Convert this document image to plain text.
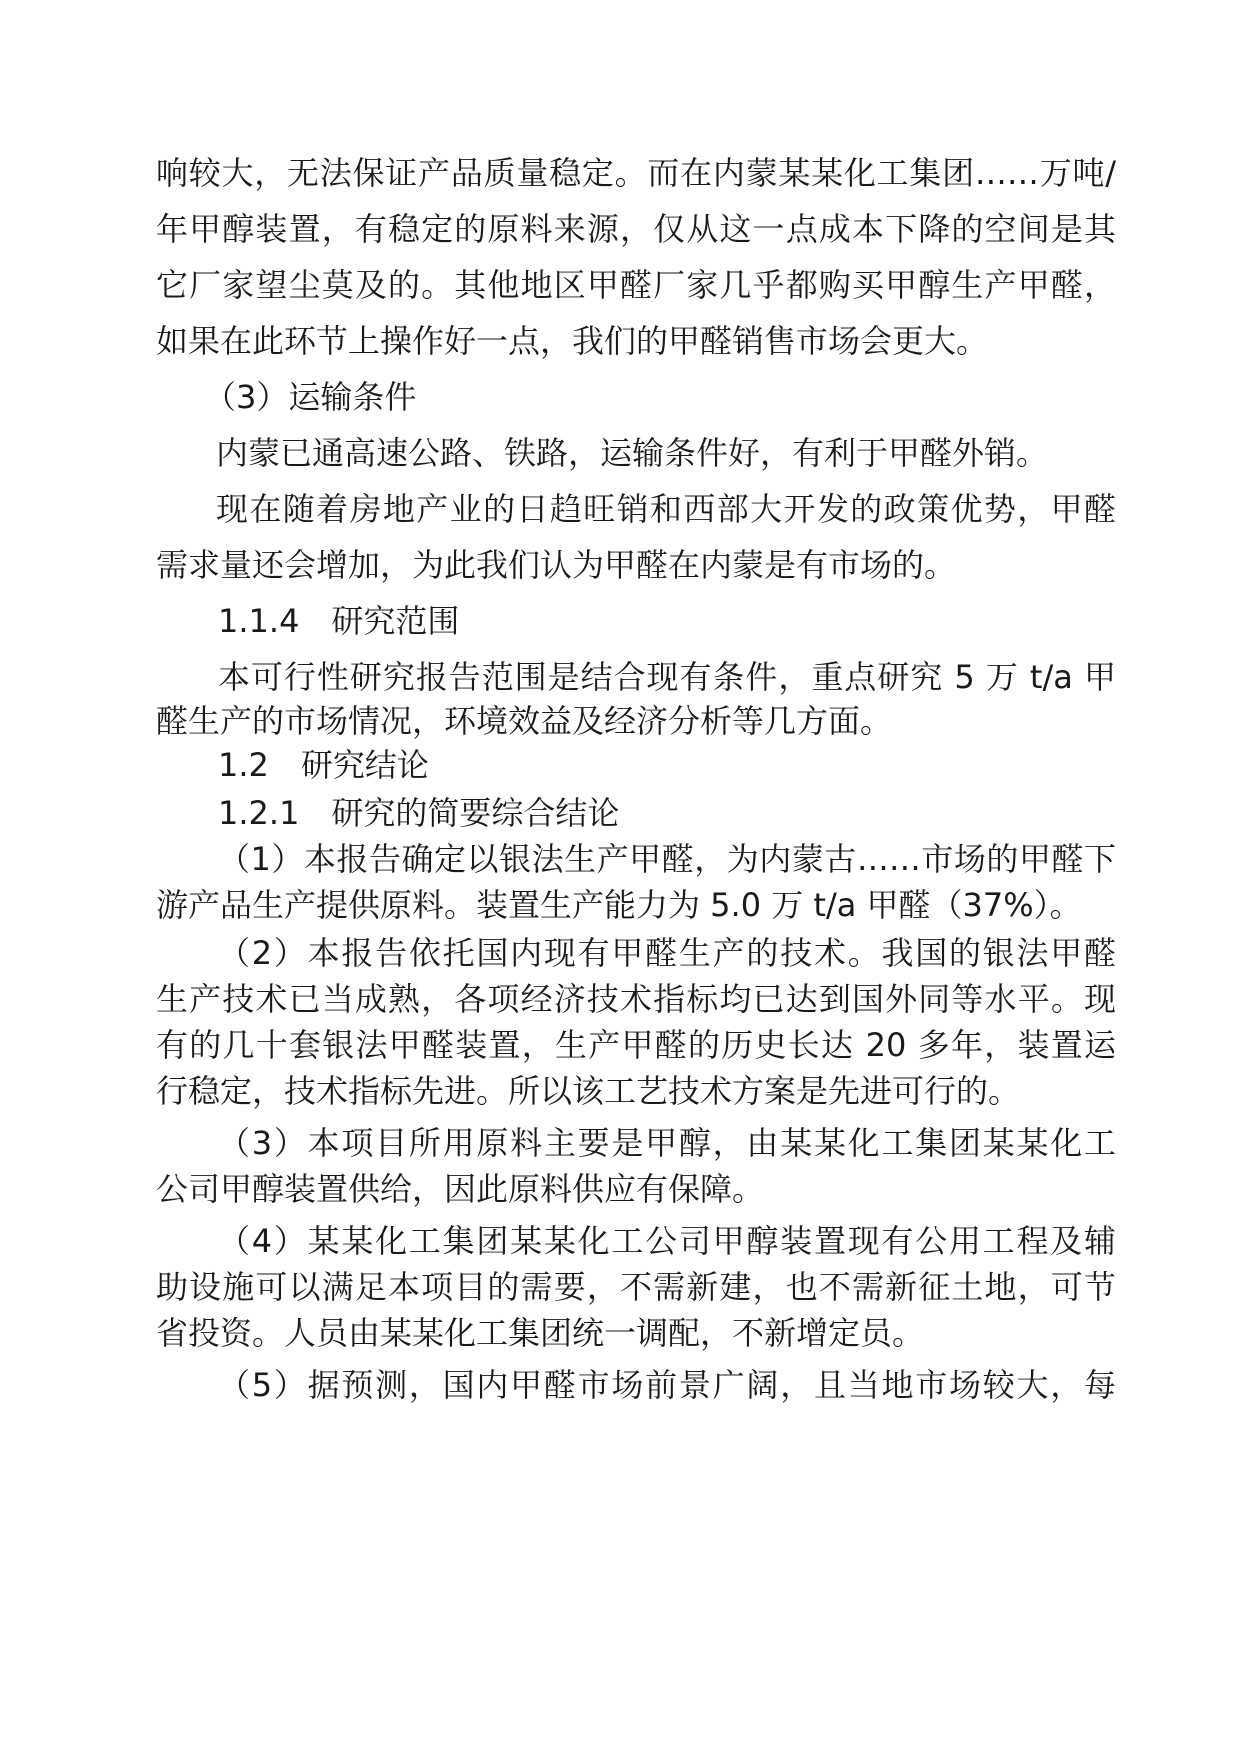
响较大，无法保证产品质量稳定。而在内蒙某某化工集团……万吨/
年甲醇装置，有稳定的原料来源，仅从这一点成本下降的空间是其
它厂家望尘莫及的。其他地区甲醛厂家几乎都购买甲醇生产甲醛，
如果在此环节上操作好一点，我们的甲醛销售市场会更大。
（3）运输条件
内蒙已通高速公路、铁路，运输条件好，有利于甲醛外销。
现在随着房地产业的日趋旺销和西部大开发的政策优势，甲醛
需求量还会增加，为此我们认为甲醛在内蒙是有市场的。
1.1.4　研究范围
本可行性研究报告范围是结合现有条件，重点研究 5 万 t/a 甲
醛生产的市场情况，环境效益及经济分析等几方面。
1.2　研究结论
1.2.1　研究的简要综合结论
（1）本报告确定以银法生产甲醛，为内蒙古……市场的甲醛下
游产品生产提供原料。装置生产能力为 5.0 万 t/a 甲醛（37%）。
（2）本报告依托国内现有甲醛生产的技术。我国的银法甲醛
生产技术已当成熟，各项经济技术指标均已达到国外同等水平。现
有的几十套银法甲醛装置，生产甲醛的历史长达 20 多年，装置运
行稳定，技术指标先进。所以该工艺技术方案是先进可行的。
（3）本项目所用原料主要是甲醇，由某某化工集团某某化工
公司甲醇装置供给，因此原料供应有保障。
（4）某某化工集团某某化工公司甲醇装置现有公用工程及辅
助设施可以满足本项目的需要，不需新建，也不需新征土地，可节
省投资。人员由某某化工集团统一调配，不新增定员。
（5）据预测，国内甲醛市场前景广阔，且当地市场较大，每
